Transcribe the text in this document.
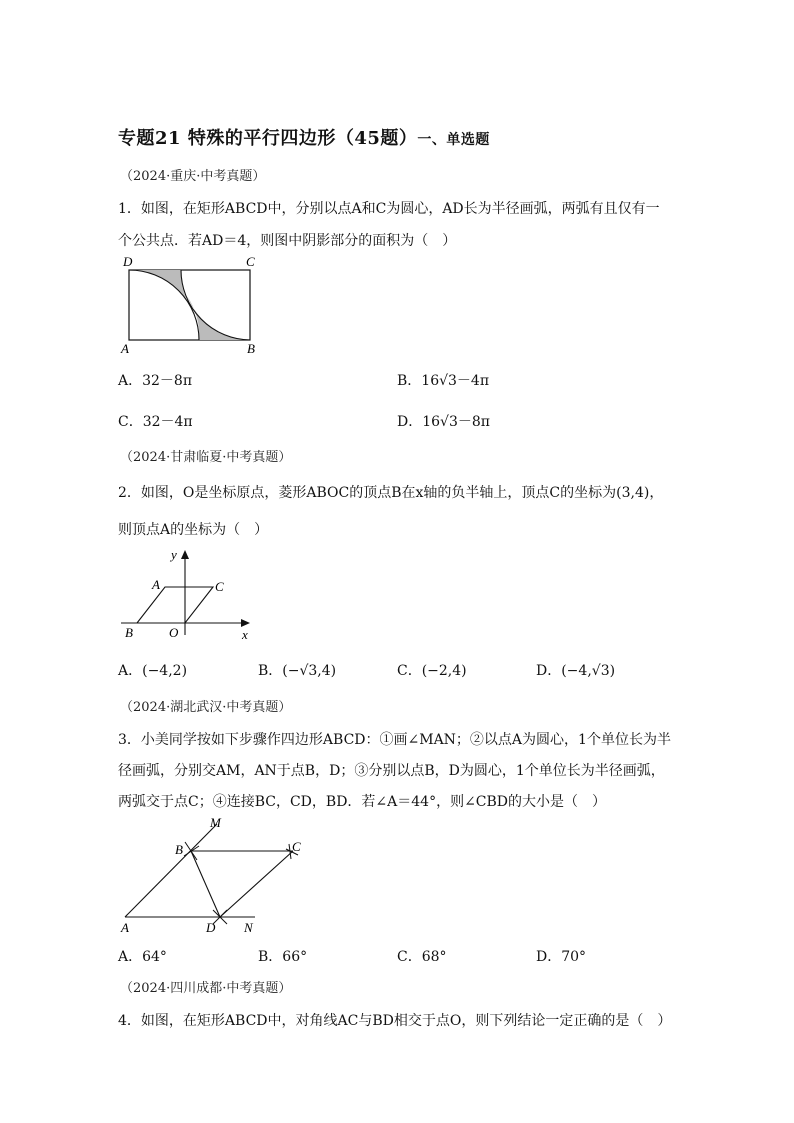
专题21 特殊的平行四边形（45题）一、单选题
（2024·重庆·中考真题）
1．如图，在矩形ABCD中，分别以点A和C为圆心，AD长为半径画弧，两弧有且仅有一
个公共点．若AD＝4，则图中阴影部分的面积为（　）
D	C
A	B
A．32－8π	B．16√3－4π
C．32－4π	D．16√3－8π
（2024·甘肃临夏·中考真题）
2．如图，O是坐标原点，菱形ABOC的顶点B在x轴的负半轴上，顶点C的坐标为(3,4)，
则顶点A的坐标为（　）
y
A	C
B	O	x
A．(−4,2)	B．(−√3,4)	C．(−2,4)	D．(−4,√3)
（2024·湖北武汉·中考真题）
3．小美同学按如下步骤作四边形ABCD：①画∠MAN；②以点A为圆心，1个单位长为半
径画弧，分别交AM，AN于点B，D；③分别以点B，D为圆心，1个单位长为半径画弧，
两弧交于点C；④连接BC，CD，BD．若∠A＝44°，则∠CBD的大小是（　）
M
B	C
A	D N
A．64°	B．66°	C．68°	D．70°
（2024·四川成都·中考真题）
4．如图，在矩形ABCD中，对角线AC与BD相交于点O，则下列结论一定正确的是（　）
